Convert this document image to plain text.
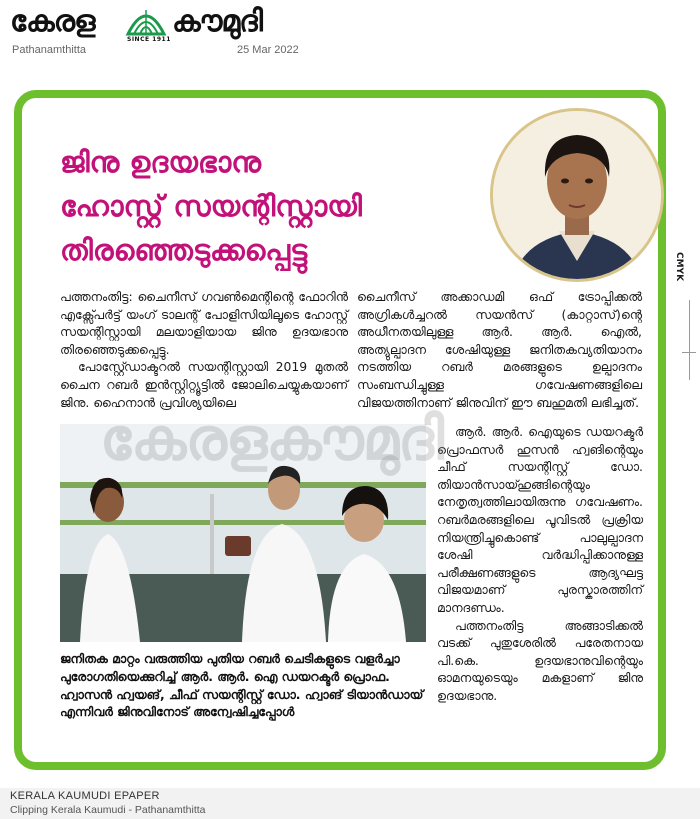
കേരള
SINCE 1911
കൗമുദി
Pathanamthitta	25 Mar 2022
CMYK
ജിനു ഉദയഭാനു
ഹോസ്റ്റ് സയന്റിസ്റ്റായി
തിരഞ്ഞെടുക്കപ്പെട്ടു

പത്തനംതിട്ട: ചൈനീസ് ഗവൺമെന്റിന്റെ ഫോറിൻ എക്സ്പേർട്ട് യംഗ് ടാലന്റ് പോളിസിയിലൂടെ ഹോസ്റ്റ് സയന്റിസ്റ്റായി മലയാളിയായ ജിനു ഉദയഭാനു തിരഞ്ഞെടുക്കപ്പെട്ടു.

പോസ്റ്റ്ഡോക്ടറൽ സയന്റിസ്റ്റായി 2019 മുതൽ ചൈന റബർ ഇൻസ്റ്റിറ്റ്യൂട്ടിൽ ജോലിചെയ്യുകയാണ് ജിനു. ഹൈനാൻ പ്രവിശ്യയിലെ

ചൈനീസ് അക്കാഡമി ഒഫ് ട്രോപ്പിക്കൽ അഗ്രികൾച്ചറൽ സയൻസ് (കാറ്റാസ്)ന്റെ അധീനതയിലുള്ള ആർ. ആർ. ഐൽ, അത്യുല്പാദന ശേഷിയുള്ള ജനിതകവ്യതിയാനം നടത്തിയ റബർ മരങ്ങളുടെ ഉല്പാദനം സംബന്ധിച്ചുള്ള ഗവേഷണങ്ങളിലെ വിജയത്തിനാണ് ജിനുവിന് ഈ ബഹുമതി ലഭിച്ചത്.

ആർ. ആർ. ഐയുടെ ഡയറക്ടർ പ്രൊഫസർ ഹുസൻ ഹ്വങിന്റെയും ചീഫ് സയന്റിസ്റ്റ് ഡോ. തിയാൻസായ്ഹുങ്ങിന്റെയും നേതൃത്വത്തിലായിരുന്നു ഗവേഷണം. റബർമരങ്ങളിലെ പൂവിടൽ പ്രക്രിയ നിയന്ത്രിച്ചുകൊണ്ട് പാലുല്പാദന ശേഷി വർദ്ധിപ്പിക്കാനുള്ള പരീക്ഷണങ്ങളുടെ ആദ്യഘട്ട വിജയമാണ് പുരസ്കാരത്തിന് മാനദണ്ഡം.

പത്തനംതിട്ട അങ്ങാടിക്കൽ വടക്ക് പുതുശേരിൽ പരേതനായ പി.കെ. ഉദയഭാനുവിന്റെയും ഓമനയുടെയും മകളാണ് ജിനു ഉദയഭാനു.

കേരളകൗമുദി
ജനിതക മാറ്റം വരുത്തിയ പുതിയ റബർ ചെടികളുടെ വളർച്ചാ പുരോഗതിയെക്കുറിച്ച് ആർ. ആർ. ഐ ഡയറക്ടർ പ്രൊഫ. ഹ്വാസൻ ഹ്വയങ്, ചീഫ് സയന്റിസ്റ്റ് ഡോ. ഹ്വാങ് ടിയാൻഡായ് എന്നിവർ ജിനുവിനോട് അന്വേഷിച്ചപ്പോൾ
KERALA KAUMUDI EPAPER
Clipping Kerala Kaumudi - Pathanamthitta
